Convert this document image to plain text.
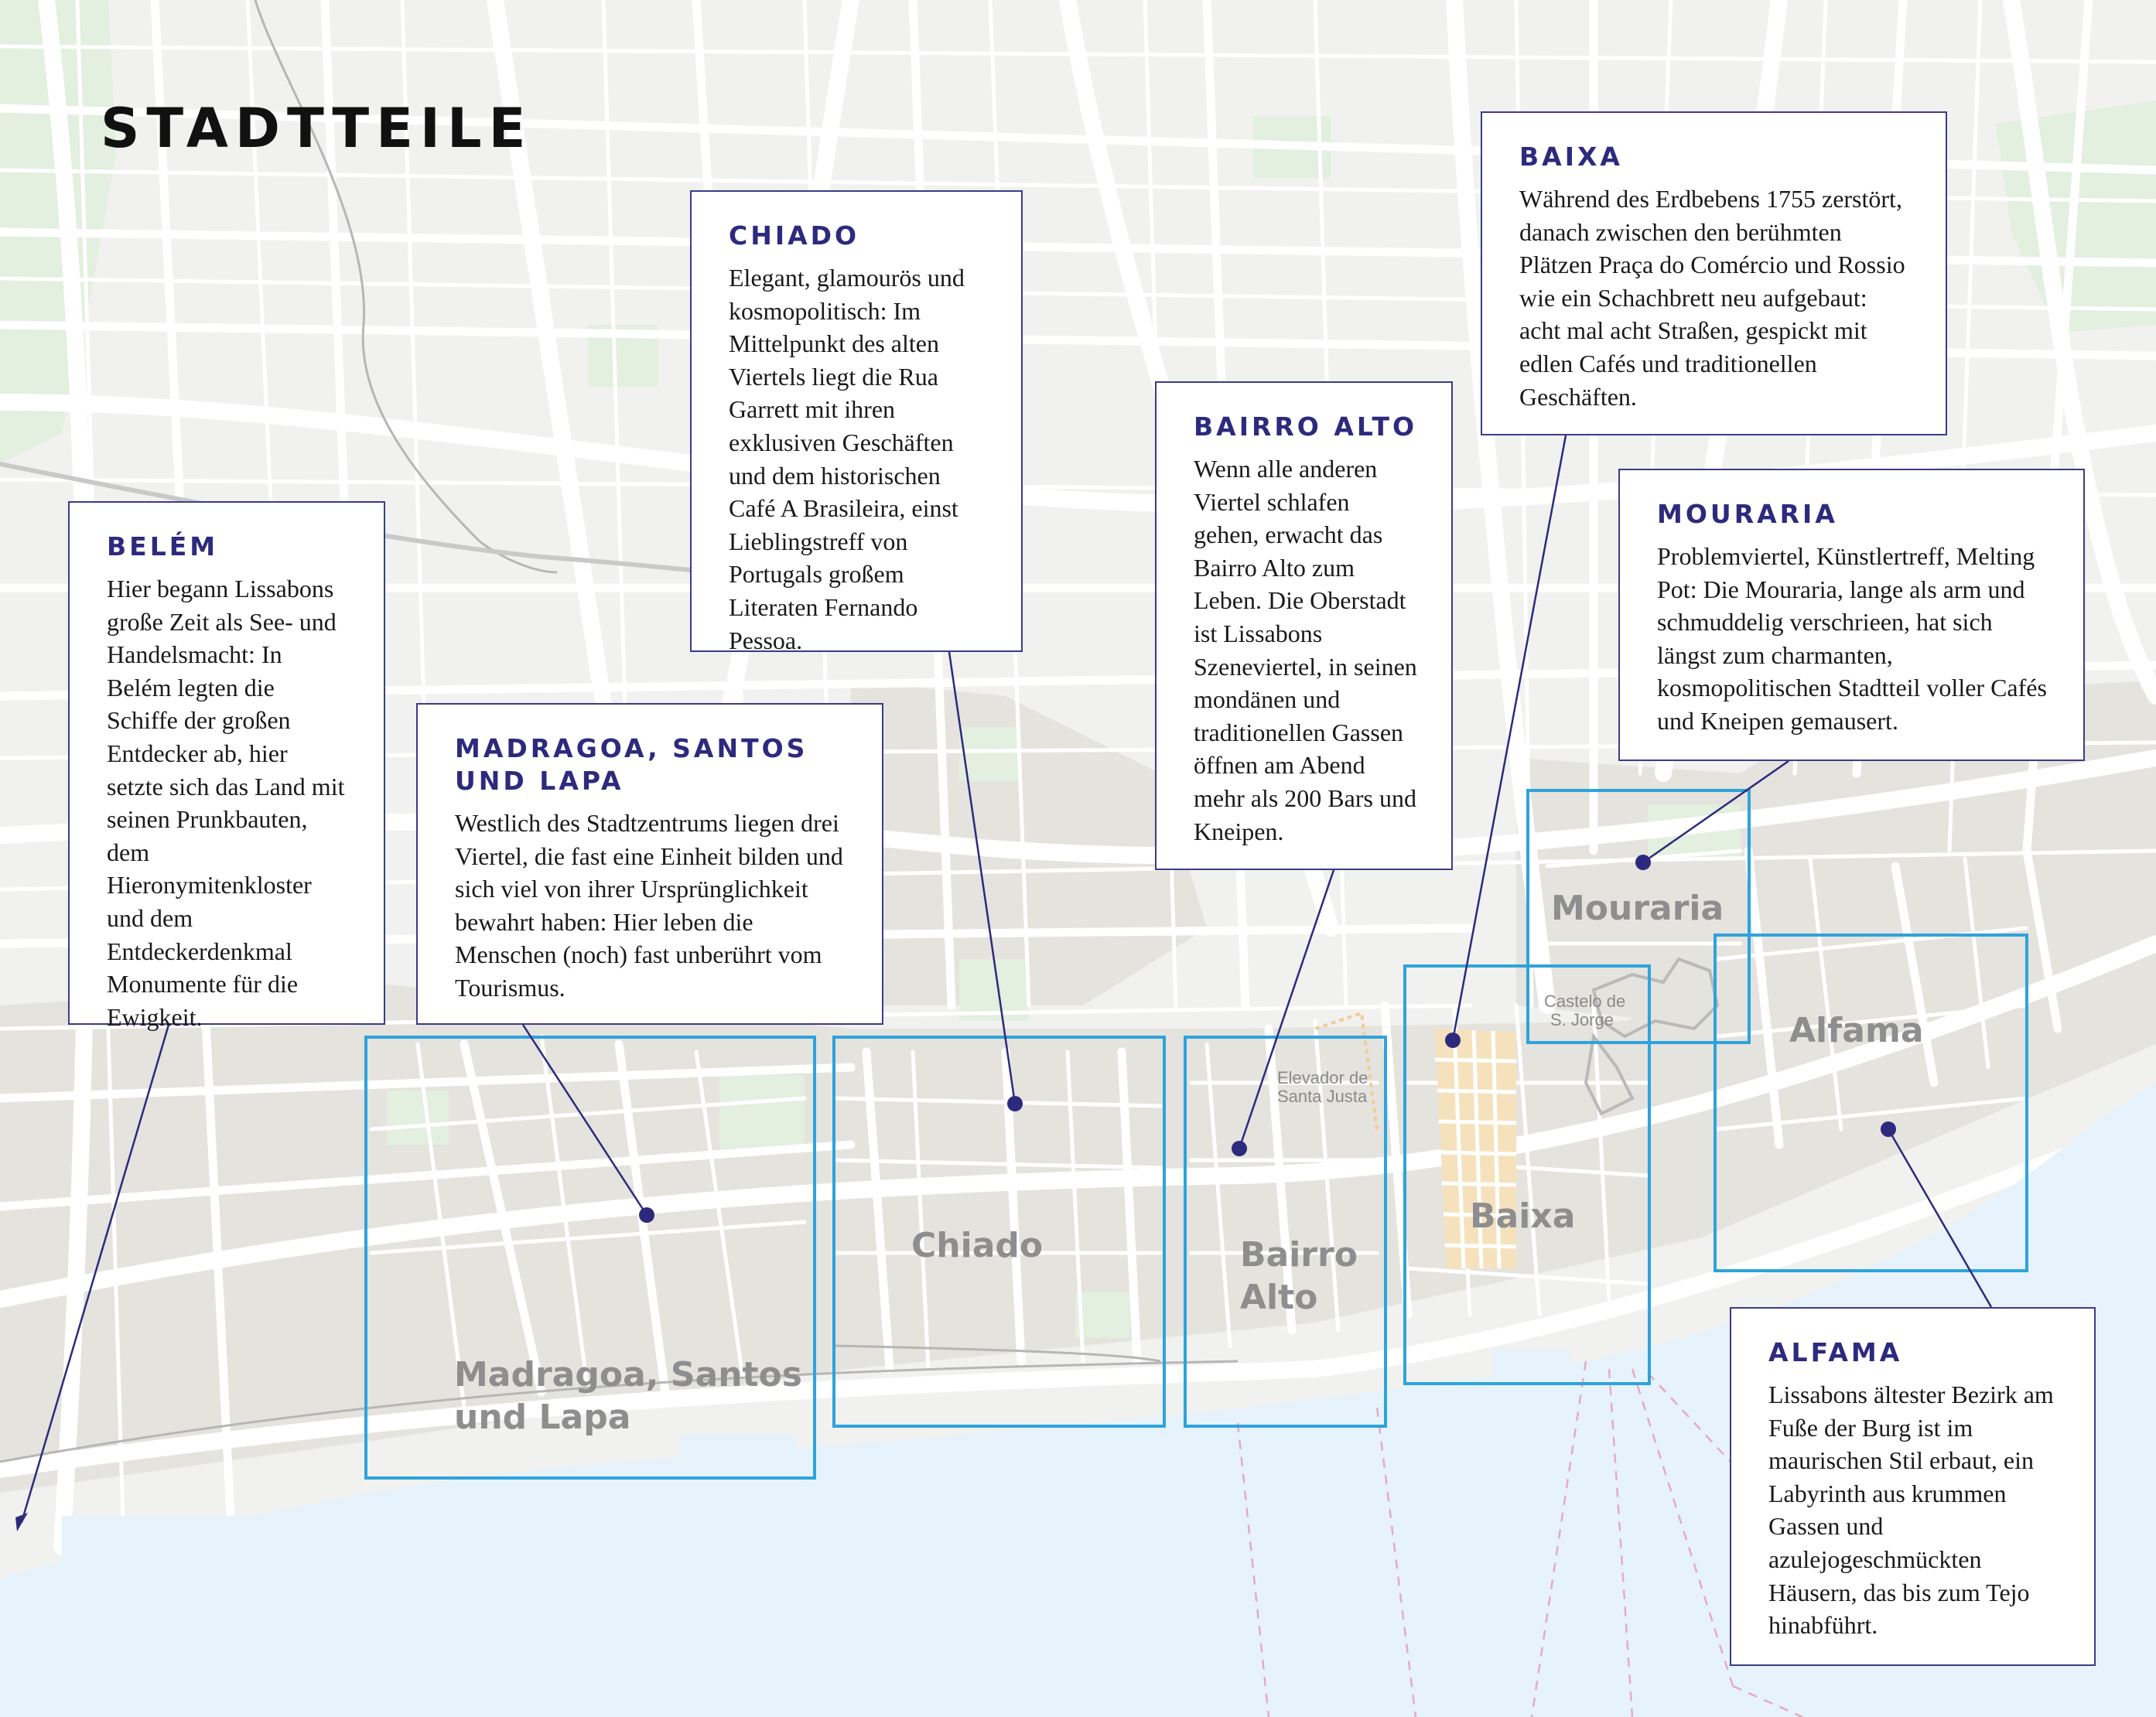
Madragoa, Santos
und Lapa
Chiado	Bairro
Alto
Baixa
Mouraria
Alfama
Elevador de
Santa Justa
Castelo de
S. Jorge
STADTTEILE
BELÉM

Hier begann Lissabons große Zeit als See- und Handelsmacht: In Belém legten die Schiffe der großen Entdecker ab, hier setzte sich das Land mit seinen Prunkbauten, dem Hieronymitenkloster und dem Entdeckerdenkmal Monumente für die Ewigkeit.

MADRAGOA, SANTOS UND LAPA

Westlich des Stadtzentrums liegen drei Viertel, die fast eine Einheit bilden und sich viel von ihrer Ursprünglichkeit bewahrt haben: Hier leben die Menschen (noch) fast unberührt vom Tourismus.

CHIADO

Elegant, glamourös und kosmopolitisch: Im Mittelpunkt des alten Viertels liegt die Rua Garrett mit ihren exklusiven Geschäften und dem historischen Café A Brasileira, einst Lieblingstreff von Portugals großem Literaten Fernando Pessoa.

BAIRRO ALTO

Wenn alle anderen Viertel schlafen gehen, erwacht das Bairro Alto zum Leben. Die Oberstadt ist Lissabons Szeneviertel, in seinen mondänen und traditionellen Gassen öffnen am Abend mehr als 200 Bars und Kneipen.

BAIXA

Während des Erdbebens 1755 zerstört, danach zwischen den berühmten Plätzen Praça do Comércio und Rossio wie ein Schachbrett neu aufgebaut: acht mal acht Straßen, gespickt mit edlen Cafés und traditionellen Geschäften.

MOURARIA

Problemviertel, Künstlertreff, Melting Pot: Die Mouraria, lange als arm und schmuddelig verschrieen, hat sich längst zum charmanten, kosmopolitischen Stadtteil voller Cafés und Kneipen gemausert.

ALFAMA

Lissabons ältester Bezirk am Fuße der Burg ist im maurischen Stil erbaut, ein Labyrinth aus krummen Gassen und azulejogeschmückten Häusern, das bis zum Tejo hinabführt.
